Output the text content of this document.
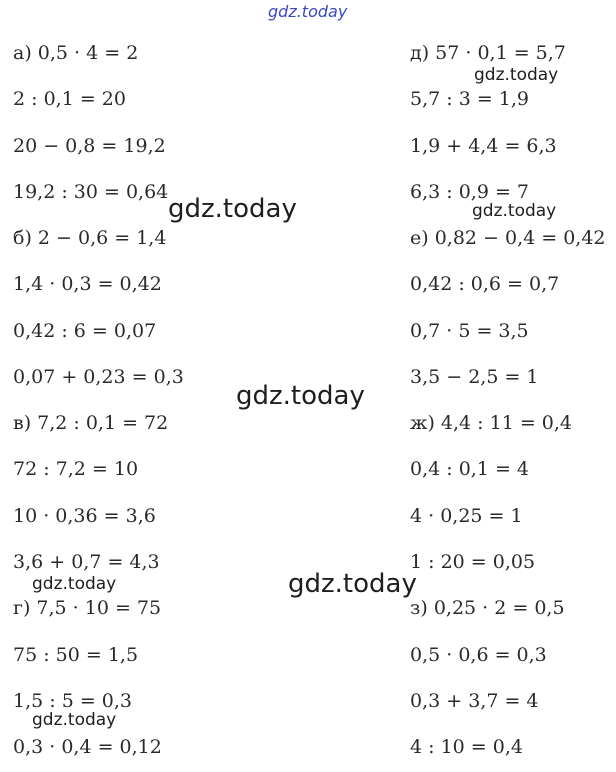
gdz.today
а) 0,5 · 4 = 2
2 : 0,1 = 20
20 − 0,8 = 19,2
19,2 : 30 = 0,64
б) 2 − 0,6 = 1,4
1,4 · 0,3 = 0,42
0,42 : 6 = 0,07
0,07 + 0,23 = 0,3
в) 7,2 : 0,1 = 72
72 : 7,2 = 10
10 · 0,36 = 3,6
3,6 + 0,7 = 4,3
г) 7,5 · 10 = 75
75 : 50 = 1,5
1,5 : 5 = 0,3
0,3 · 0,4 = 0,12
д) 57 · 0,1 = 5,7
5,7 : 3 = 1,9
1,9 + 4,4 = 6,3
6,3 : 0,9 = 7
е) 0,82 − 0,4 = 0,42
0,42 : 0,6 = 0,7
0,7 · 5 = 3,5
3,5 − 2,5 = 1
ж) 4,4 : 11 = 0,4
0,4 : 0,1 = 4
4 · 0,25 = 1
1 : 20 = 0,05
з) 0,25 · 2 = 0,5
0,5 · 0,6 = 0,3
0,3 + 3,7 = 4
4 : 10 = 0,4
gdz.today
gdz.today	gdz.today
gdz.today
gdz.today
gdz.today
gdz.today
